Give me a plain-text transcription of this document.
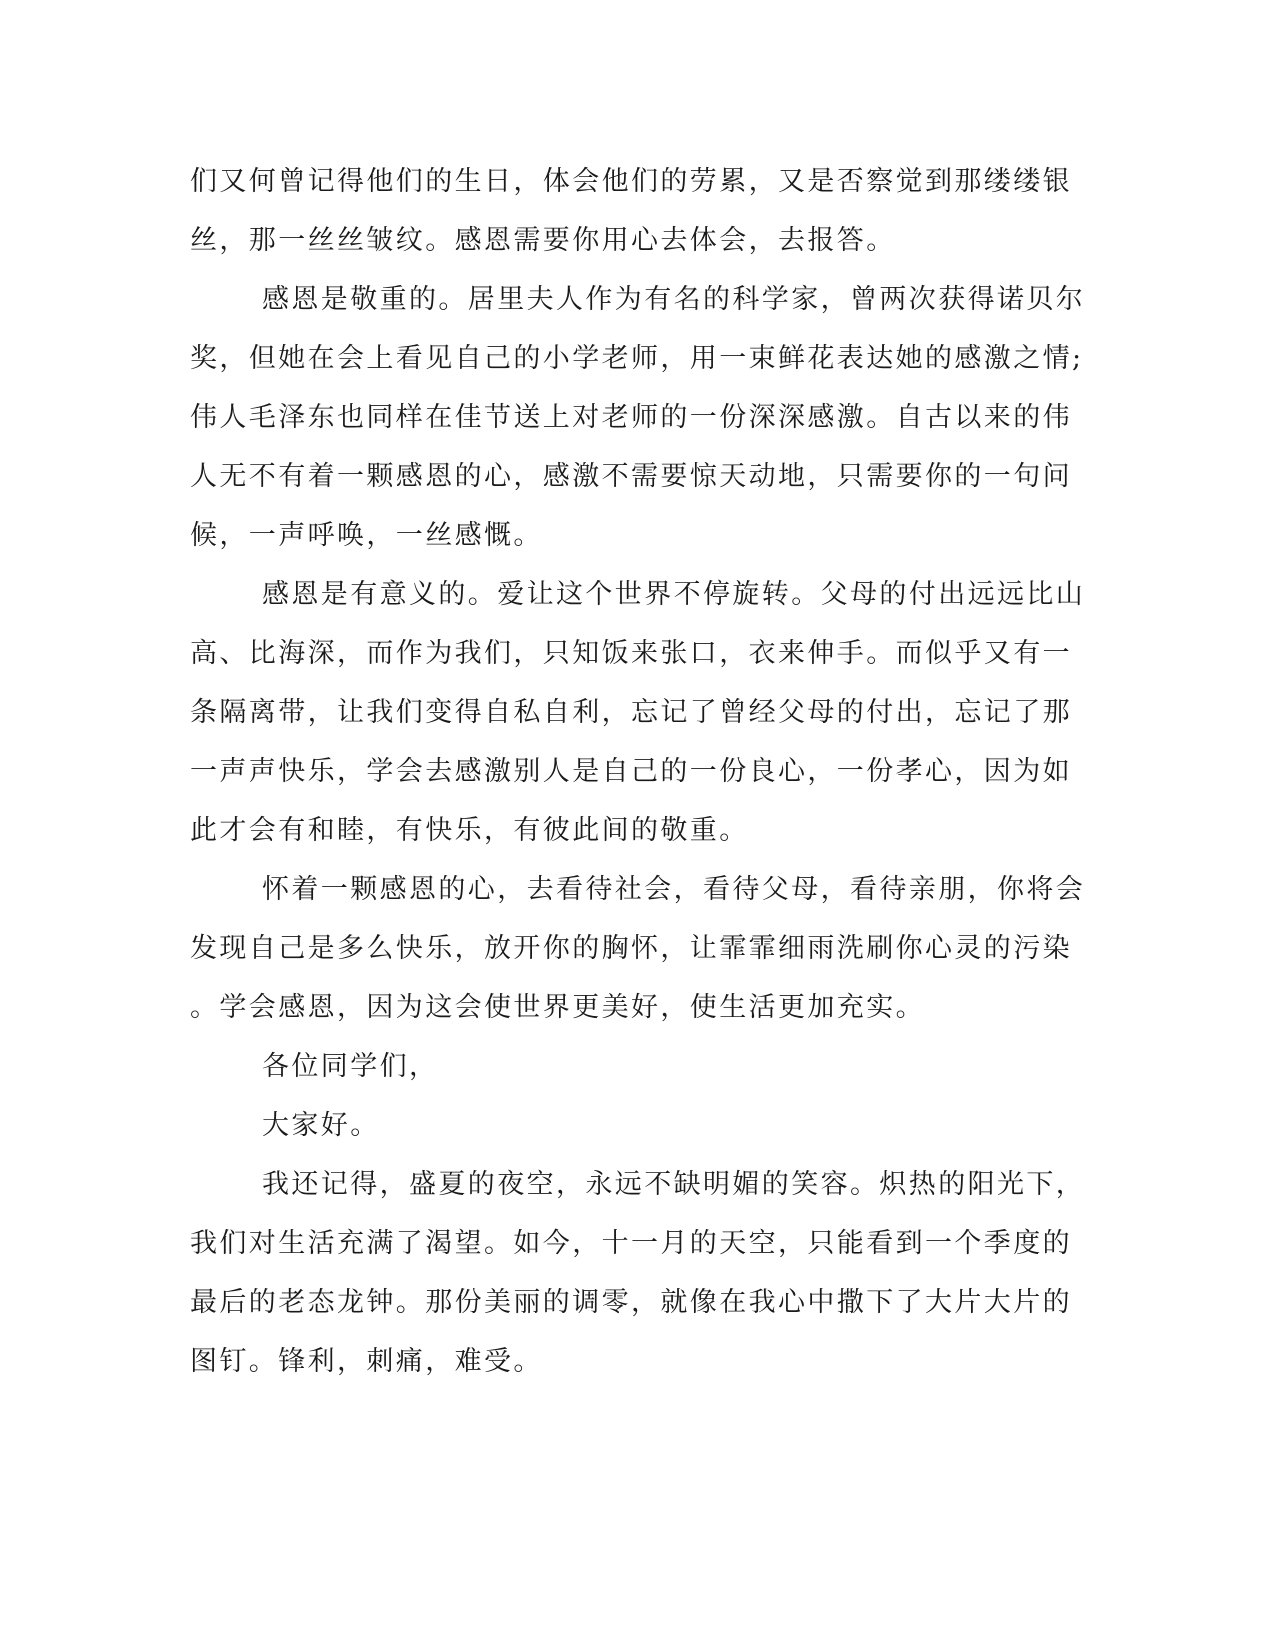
们又何曾记得他们的生日，体会他们的劳累，又是否察觉到那缕缕银
丝，那一丝丝皱纹。感恩需要你用心去体会，去报答。
感恩是敬重的。居里夫人作为有名的科学家，曾两次获得诺贝尔
奖，但她在会上看见自己的小学老师，用一束鲜花表达她的感激之情;
伟人毛泽东也同样在佳节送上对老师的一份深深感激。自古以来的伟
人无不有着一颗感恩的心，感激不需要惊天动地，只需要你的一句问
候，一声呼唤，一丝感慨。
感恩是有意义的。爱让这个世界不停旋转。父母的付出远远比山
高、比海深，而作为我们，只知饭来张口，衣来伸手。而似乎又有一
条隔离带，让我们变得自私自利，忘记了曾经父母的付出，忘记了那
一声声快乐，学会去感激别人是自己的一份良心，一份孝心，因为如
此才会有和睦，有快乐，有彼此间的敬重。
怀着一颗感恩的心，去看待社会，看待父母，看待亲朋，你将会
发现自己是多么快乐，放开你的胸怀，让霏霏细雨洗刷你心灵的污染
。学会感恩，因为这会使世界更美好，使生活更加充实。
各位同学们，
大家好。
我还记得，盛夏的夜空，永远不缺明媚的笑容。炽热的阳光下，
我们对生活充满了渴望。如今，十一月的天空，只能看到一个季度的
最后的老态龙钟。那份美丽的调零，就像在我心中撒下了大片大片的
图钉。锋利，刺痛，难受。
